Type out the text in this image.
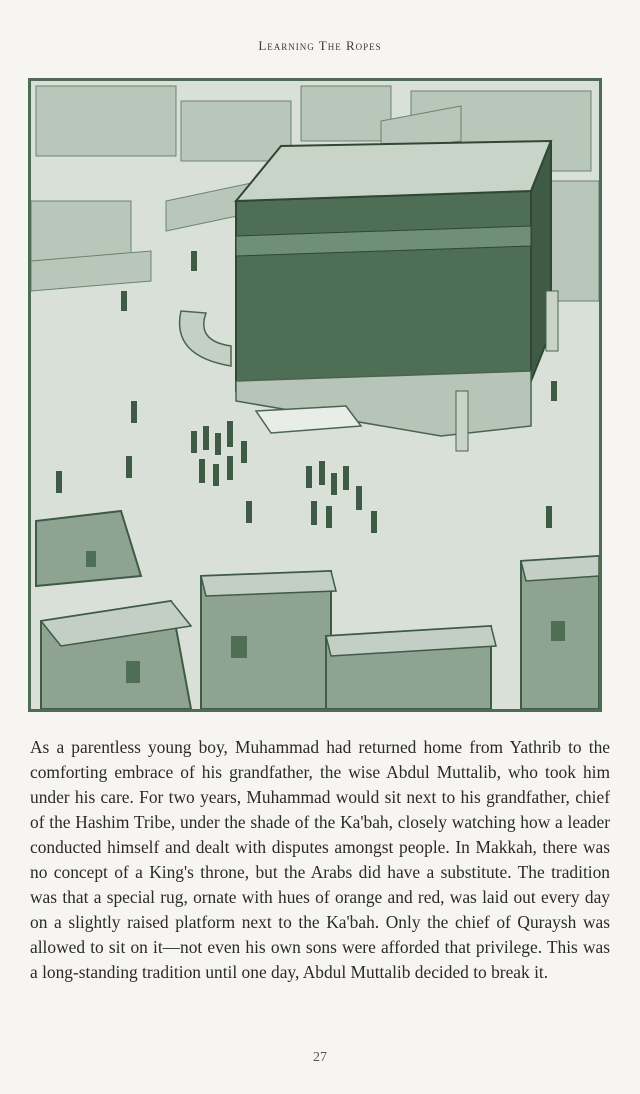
Learning The Ropes
As a parentless young boy, Muhammad had returned home from Yathrib to the comforting embrace of his grandfather, the wise Abdul Muttalib, who took him under his care. For two years, Muhammad would sit next to his grandfather, chief of the Hashim Tribe, under the shade of the Ka'bah, closely watching how a leader conducted himself and dealt with disputes amongst people. In Makkah, there was no concept of a King's throne, but the Arabs did have a substitute. The tradition was that a special rug, ornate with hues of orange and red, was laid out every day on a slightly raised platform next to the Ka'bah. Only the chief of Quraysh was allowed to sit on it—not even his own sons were afforded that privilege. This was a long-standing tradition until one day, Abdul Muttalib decided to break it.
27
